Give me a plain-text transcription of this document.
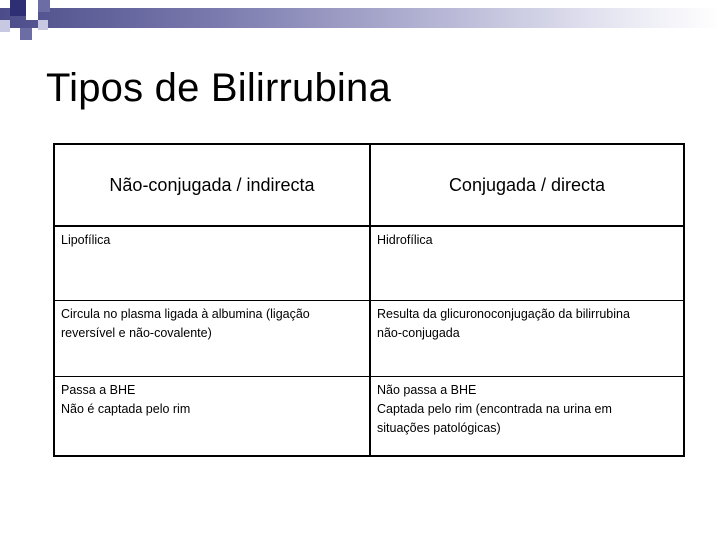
Tipos de Bilirrubina
Não-conjugada / indirecta	Conjugada / directa
Lipofílica	Hidrofílica
Circula no plasma ligada à albumina (ligação
reversível e não-covalente)
Resulta da glicuronoconjugação da bilirrubina
não-conjugada
Passa a BHE
Não é captada pelo rim
Não passa a BHE
Captada pelo rim (encontrada na urina em
situações patológicas)
